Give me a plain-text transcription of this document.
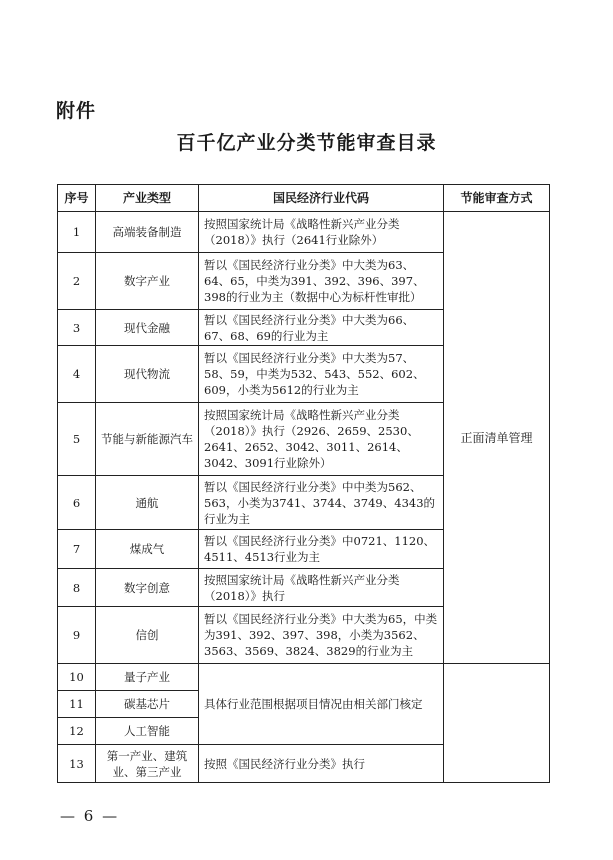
附件
百千亿产业分类节能审查目录
序号	产业类型	国民经济行业代码	节能审查方式
1	高端装备制造	按照国家统计局《战略性新兴产业分类（2018）》执行（2641行业除外）	正面清单管理
2	数字产业	暂以《国民经济行业分类》中大类为63、64、65，中类为391、392、396、397、398的行业为主（数据中心为标杆性审批）	
3	现代金融	暂以《国民经济行业分类》中大类为66、67、68、69的行业为主	
4	现代物流	暂以《国民经济行业分类》中大类为57、58、59，中类为532、543、552、602、609，小类为5612的行业为主	
5	节能与新能源汽车	按照国家统计局《战略性新兴产业分类（2018）》执行（2926、2659、2530、2641、2652、3042、3011、2614、3042、3091行业除外）	
6	通航	暂以《国民经济行业分类》中中类为562、563，小类为3741、3744、3749、4343的行业为主	
7	煤成气	暂以《国民经济行业分类》中0721、1120、4511、4513行业为主	
8	数字创意	按照国家统计局《战略性新兴产业分类（2018）》执行	
9	信创	暂以《国民经济行业分类》中大类为65，中类为391、392、397、398，小类为3562、3563、3569、3824、3829的行业为主	
10	量子产业	具体行业范围根据项目情况由相关部门核定	
11	碳基芯片		
12	人工智能		
13	第一产业、建筑业、第三产业	按照《国民经济行业分类》执行	
— 6 —
